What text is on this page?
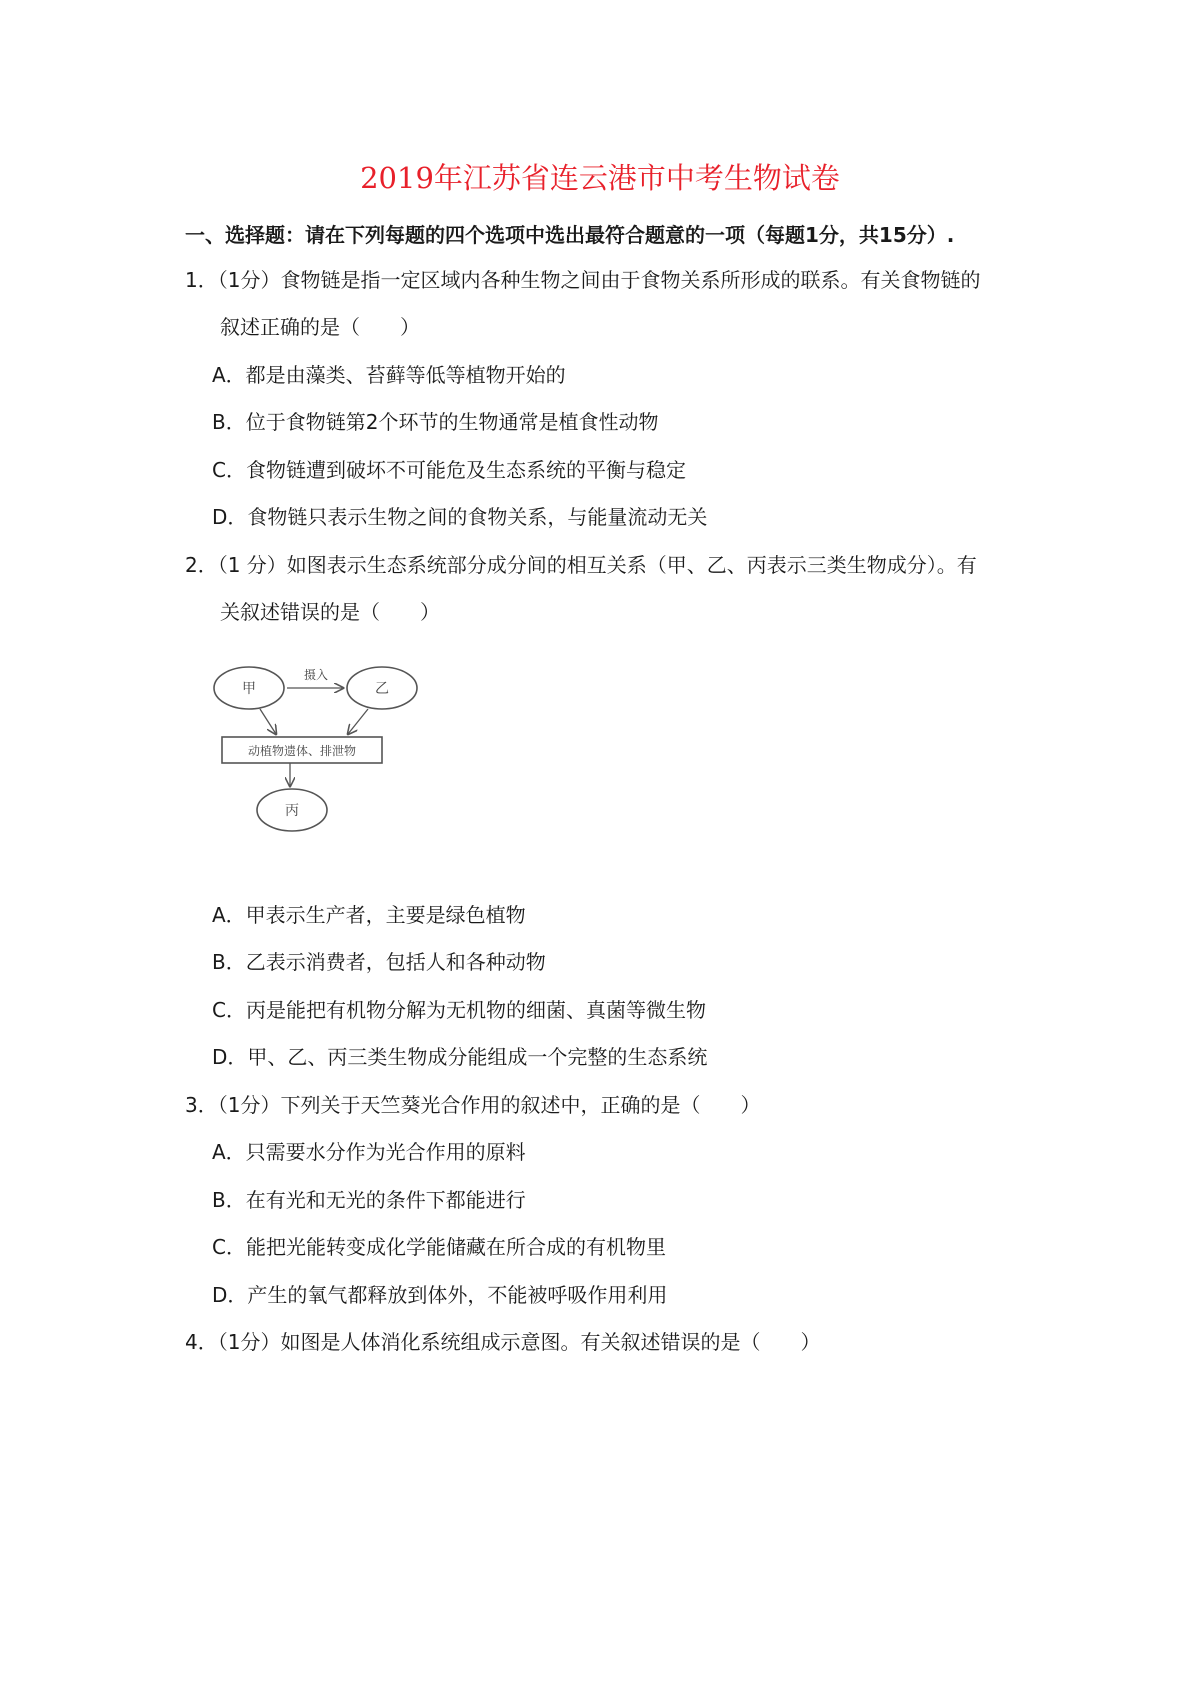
2019年江苏省连云港市中考生物试卷
一、选择题：请在下列每题的四个选项中选出最符合题意的一项（每题1分，共15分）.
1．（1分）食物链是指一定区域内各种生物之间由于食物关系所形成的联系。有关食物链的
叙述正确的是（　　）
A．都是由藻类、苔藓等低等植物开始的
B．位于食物链第2个环节的生物通常是植食性动物
C．食物链遭到破坏不可能危及生态系统的平衡与稳定
D．食物链只表示生物之间的食物关系，与能量流动无关
2．（1 分）如图表示生态系统部分成分间的相互关系（甲、乙、丙表示三类生物成分）。有
关叙述错误的是（　　）
甲	乙
摄入
动植物遗体、排泄物
丙
A．甲表示生产者，主要是绿色植物
B．乙表示消费者，包括人和各种动物
C．丙是能把有机物分解为无机物的细菌、真菌等微生物
D．甲、乙、丙三类生物成分能组成一个完整的生态系统
3．（1分）下列关于天竺葵光合作用的叙述中，正确的是（　　）
A．只需要水分作为光合作用的原料
B．在有光和无光的条件下都能进行
C．能把光能转变成化学能储藏在所合成的有机物里
D．产生的氧气都释放到体外，不能被呼吸作用利用
4．（1分）如图是人体消化系统组成示意图。有关叙述错误的是（　　）
